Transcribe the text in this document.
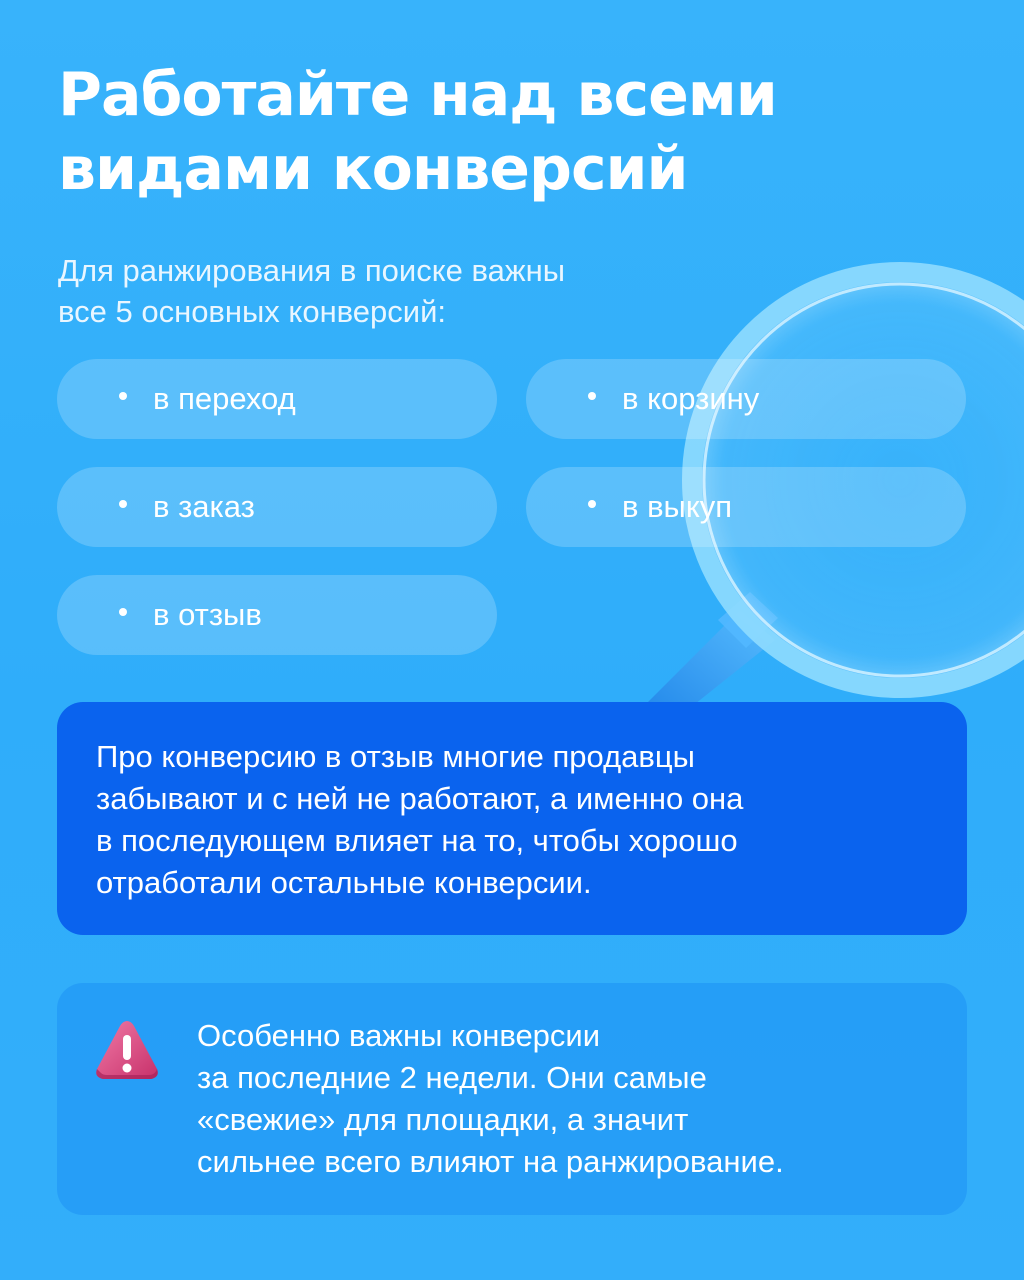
Работайте над всеми
видами конверсий

Для ранжирования в поиске важны
все 5 основных конверсий:

в переход	в корзину
в заказ	в выкуп
в отзыв
Про конверсию в отзыв многие продавцы
забывают и с ней не работают, а именно она
в последующем влияет на то, чтобы хорошо
отработали остальные конверсии.
Особенно важны конверсии
за последние 2 недели. Они самые
«свежие» для площадки, а значит
сильнее всего влияют на ранжирование.
